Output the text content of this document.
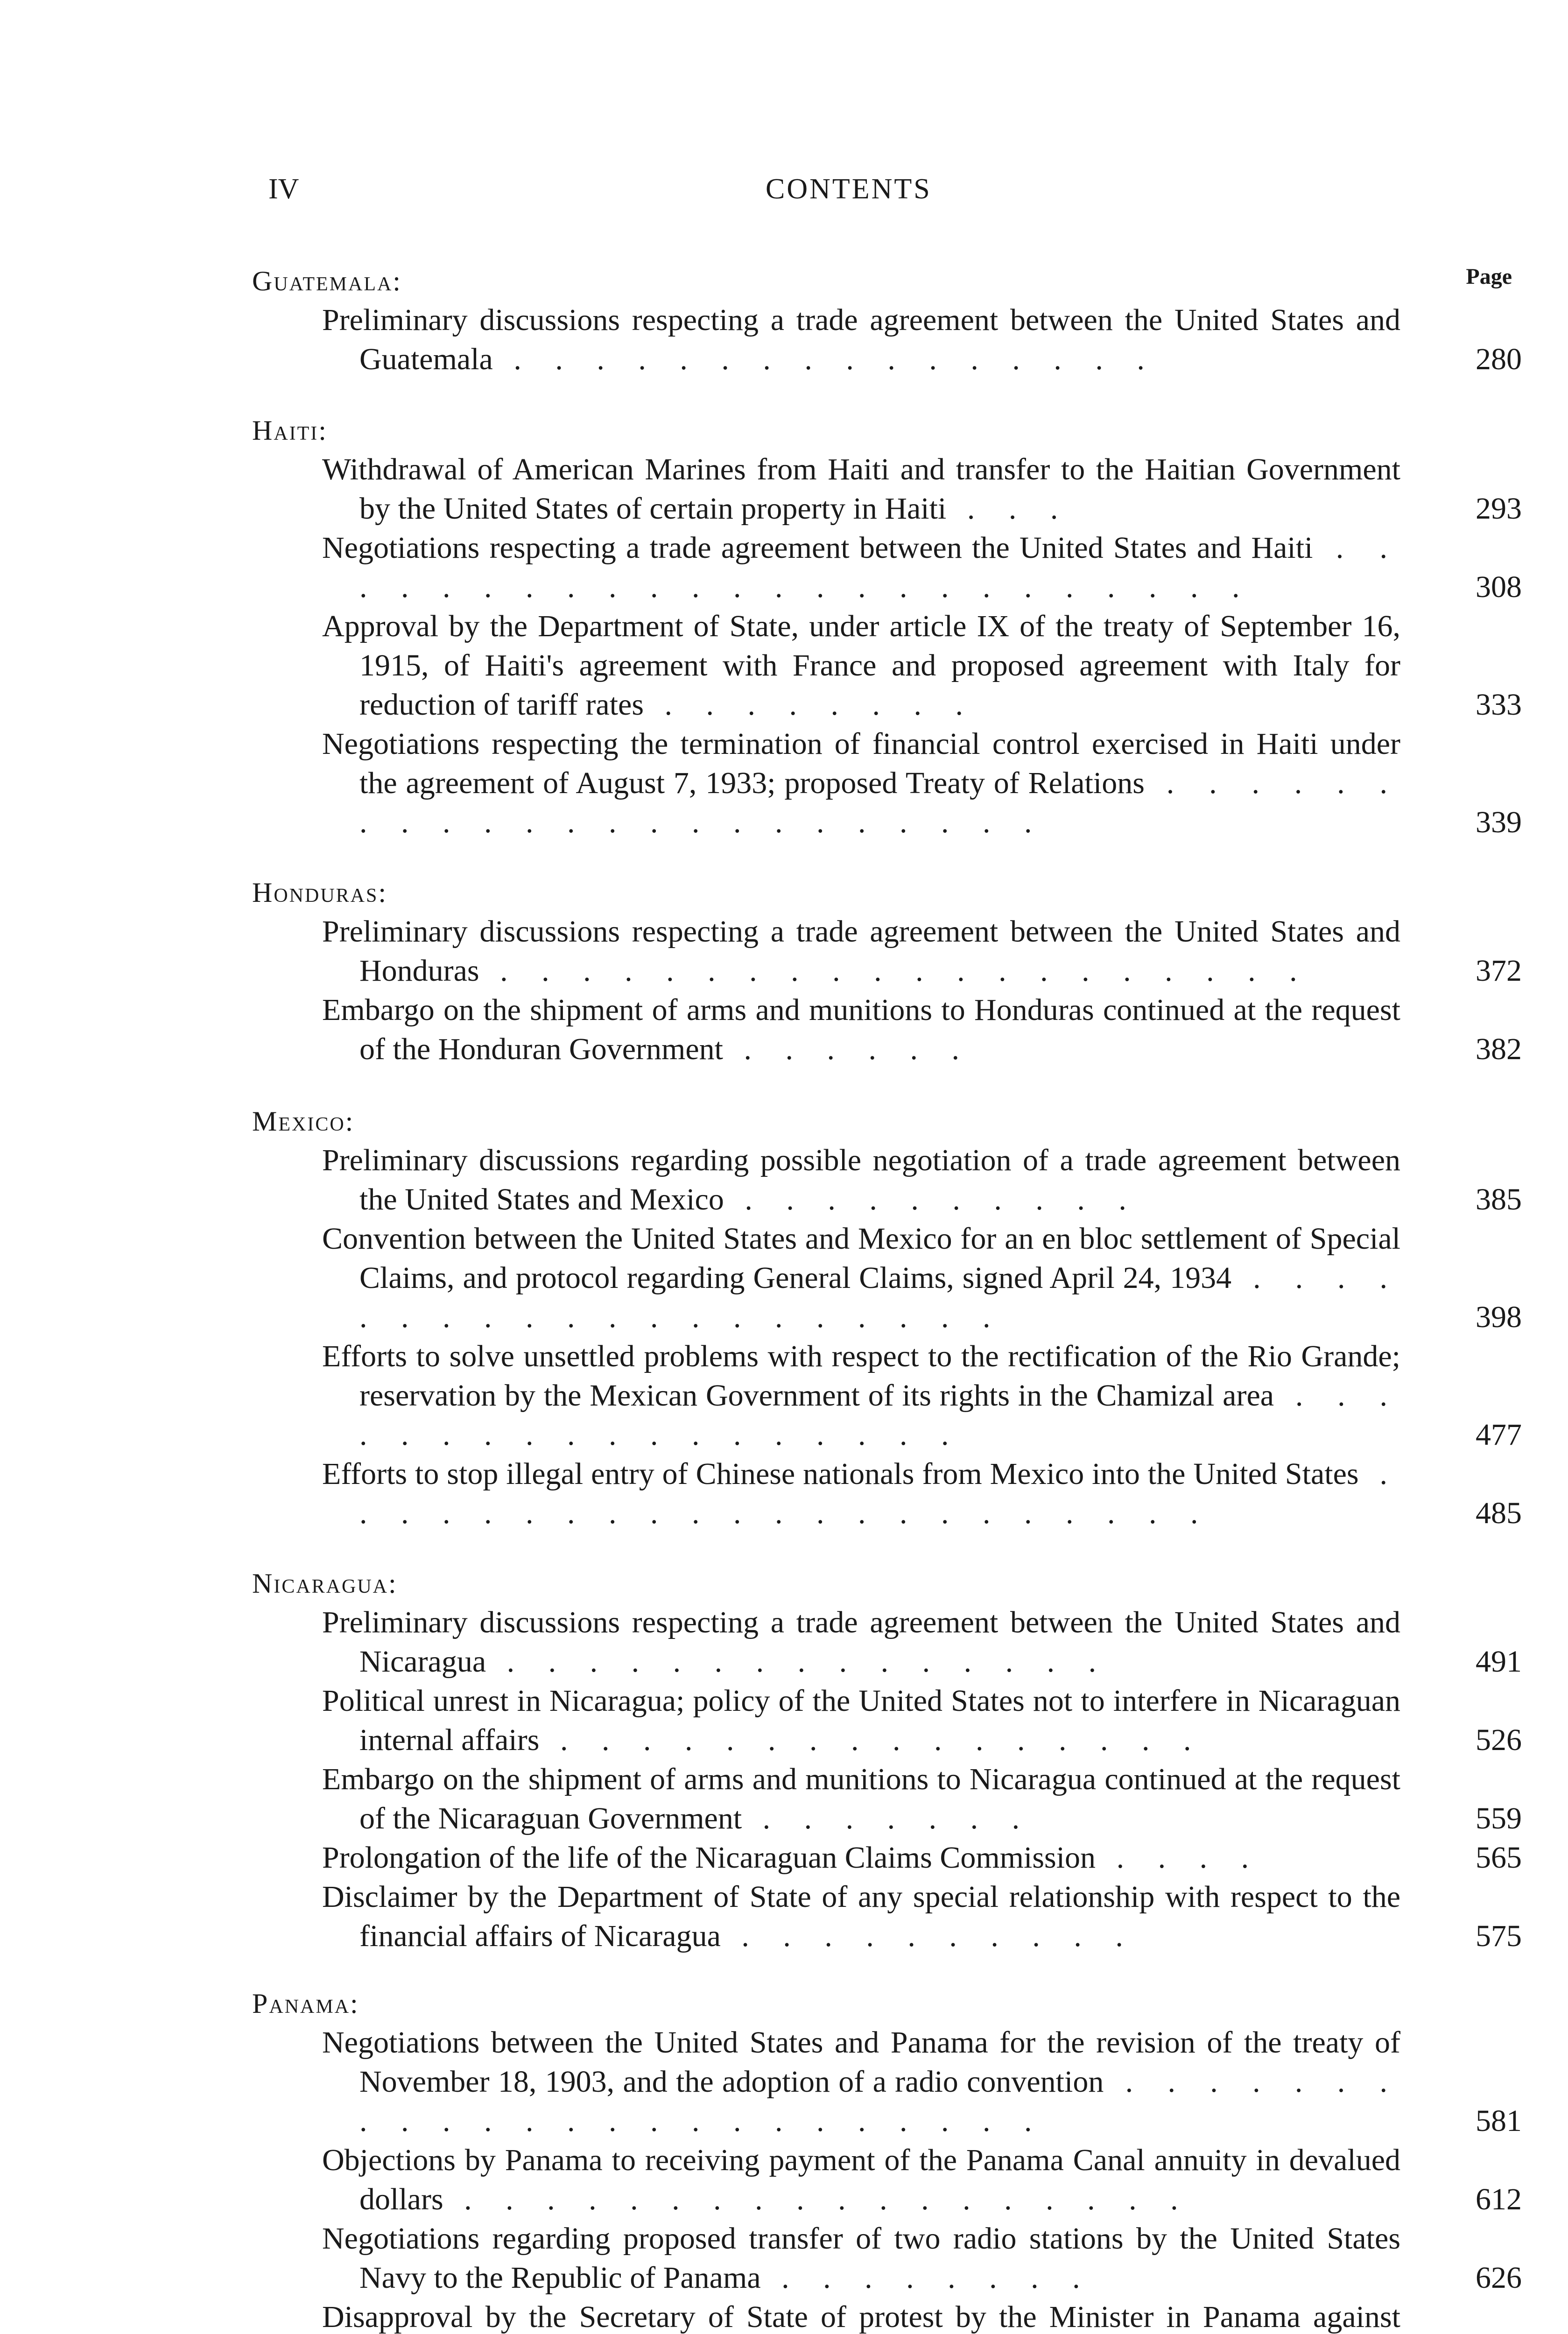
IV	CONTENTS
Page
Guatemala:
Preliminary discussions respecting a trade agreement between the United States and Guatemala . . . . . . . . . . . . . . . .	280
Haiti:
Withdrawal of American Marines from Haiti and transfer to the Haitian Government by the United States of certain property in Haiti . . .	293
Negotiations respecting a trade agreement between the United States and Haiti . . . . . . . . . . . . . . . . . . . . . . . .	308
Approval by the Department of State, under article IX of the treaty of September 16, 1915, of Haiti's agreement with France and proposed agreement with Italy for reduction of tariff rates . . . . . . . .	333
Negotiations respecting the termination of financial control exercised in Haiti under the agreement of August 7, 1933; proposed Treaty of Relations . . . . . . . . . . . . . . . . . . . . . . .	339
Honduras:
Preliminary discussions respecting a trade agreement between the United States and Honduras . . . . . . . . . . . . . . . . . . . .	372
Embargo on the shipment of arms and munitions to Honduras continued at the request of the Honduran Government . . . . . .	382
Mexico:
Preliminary discussions regarding possible negotiation of a trade agreement between the United States and Mexico . . . . . . . . . .	385
Convention between the United States and Mexico for an en bloc settlement of Special Claims, and protocol regarding General Claims, signed April 24, 1934 . . . . . . . . . . . . . . . . . . . .	398
Efforts to solve unsettled problems with respect to the rectification of the Rio Grande; reservation by the Mexican Government of its rights in the Chamizal area . . . . . . . . . . . . . . . . . .	477
Efforts to stop illegal entry of Chinese nationals from Mexico into the United States . . . . . . . . . . . . . . . . . . . . . .	485
Nicaragua:
Preliminary discussions respecting a trade agreement between the United States and Nicaragua . . . . . . . . . . . . . . .	491
Political unrest in Nicaragua; policy of the United States not to interfere in Nicaraguan internal affairs . . . . . . . . . . . . . . . .	526
Embargo on the shipment of arms and munitions to Nicaragua continued at the request of the Nicaraguan Government . . . . . . .	559
Prolongation of the life of the Nicaraguan Claims Commission . . . .	565
Disclaimer by the Department of State of any special relationship with respect to the financial affairs of Nicaragua . . . . . . . . . .	575
Panama:
Negotiations between the United States and Panama for the revision of the treaty of November 18, 1903, and the adoption of a radio convention . . . . . . . . . . . . . . . . . . . . . . . .	581
Objections by Panama to receiving payment of the Panama Canal annuity in devalued dollars . . . . . . . . . . . . . . . . . .	612
Negotiations regarding proposed transfer of two radio stations by the United States Navy to the Republic of Panama . . . . . . . .	626
Disapproval by the Secretary of State of protest by the Minister in Panama against
